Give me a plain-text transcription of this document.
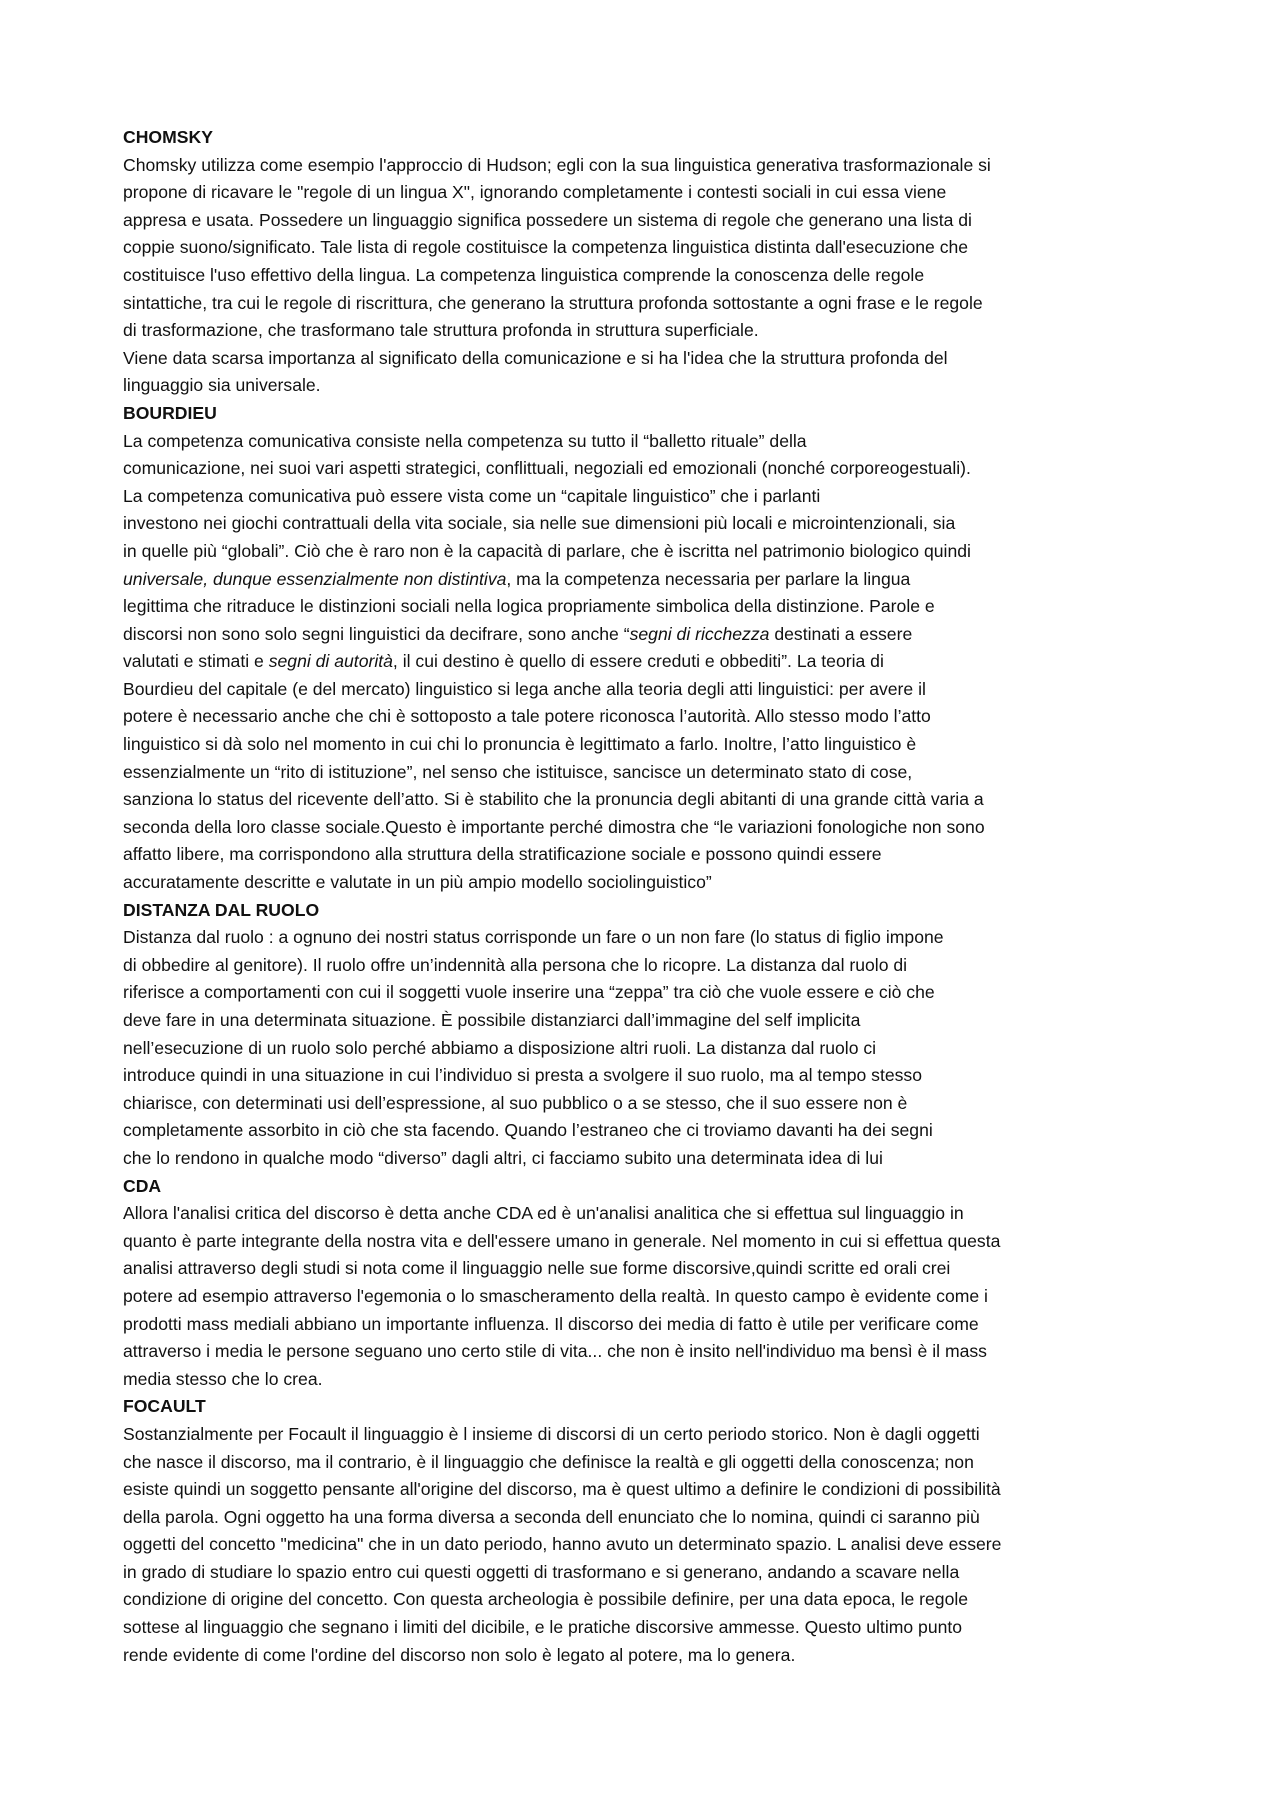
CHOMSKY

Chomsky utilizza come esempio l'approccio di Hudson; egli con la sua linguistica generativa trasformazionale si
propone di ricavare le "regole di un lingua X", ignorando completamente i contesti sociali in cui essa viene
appresa e usata. Possedere un linguaggio significa possedere un sistema di regole che generano una lista di
coppie suono/significato. Tale lista di regole costituisce la competenza linguistica distinta dall'esecuzione che
costituisce l'uso effettivo della lingua. La competenza linguistica comprende la conoscenza delle regole
sintattiche, tra cui le regole di riscrittura, che generano la struttura profonda sottostante a ogni frase e le regole
di trasformazione, che trasformano tale struttura profonda in struttura superficiale.

Viene data scarsa importanza al significato della comunicazione e si ha l'idea che la struttura profonda del
linguaggio sia universale.

BOURDIEU

La competenza comunicativa consiste nella competenza su tutto il “balletto rituale” della
comunicazione, nei suoi vari aspetti strategici, conflittuali, negoziali ed emozionali (nonché corporeogestuali).
La competenza comunicativa può essere vista come un “capitale linguistico” che i parlanti
investono nei giochi contrattuali della vita sociale, sia nelle sue dimensioni più locali e microintenzionali, sia
in quelle più “globali”. Ciò che è raro non è la capacità di parlare, che è iscritta nel patrimonio biologico quindi
universale, dunque essenzialmente non distintiva, ma la competenza necessaria per parlare la lingua
legittima che ritraduce le distinzioni sociali nella logica propriamente simbolica della distinzione. Parole e
discorsi non sono solo segni linguistici da decifrare, sono anche “segni di ricchezza destinati a essere
valutati e stimati e segni di autorità, il cui destino è quello di essere creduti e obbediti”. La teoria di
Bourdieu del capitale (e del mercato) linguistico si lega anche alla teoria degli atti linguistici: per avere il
potere è necessario anche che chi è sottoposto a tale potere riconosca l’autorità. Allo stesso modo l’atto
linguistico si dà solo nel momento in cui chi lo pronuncia è legittimato a farlo. Inoltre, l’atto linguistico è
essenzialmente un “rito di istituzione”, nel senso che istituisce, sancisce un determinato stato di cose,
sanziona lo status del ricevente dell’atto. Si è stabilito che la pronuncia degli abitanti di una grande città varia a
seconda della loro classe sociale.Questo è importante perché dimostra che “le variazioni fonologiche non sono
affatto libere, ma corrispondono alla struttura della stratificazione sociale e possono quindi essere
accuratamente descritte e valutate in un più ampio modello sociolinguistico”

DISTANZA DAL RUOLO

Distanza dal ruolo : a ognuno dei nostri status corrisponde un fare o un non fare (lo status di figlio impone
di obbedire al genitore). Il ruolo offre un’indennità alla persona che lo ricopre. La distanza dal ruolo di
riferisce a comportamenti con cui il soggetti vuole inserire una “zeppa” tra ciò che vuole essere e ciò che
deve fare in una determinata situazione. È possibile distanziarci dall’immagine del self implicita
nell’esecuzione di un ruolo solo perché abbiamo a disposizione altri ruoli. La distanza dal ruolo ci
introduce quindi in una situazione in cui l’individuo si presta a svolgere il suo ruolo, ma al tempo stesso
chiarisce, con determinati usi dell’espressione, al suo pubblico o a se stesso, che il suo essere non è
completamente assorbito in ciò che sta facendo. Quando l’estraneo che ci troviamo davanti ha dei segni
che lo rendono in qualche modo “diverso” dagli altri, ci facciamo subito una determinata idea di lui

CDA

Allora l'analisi critica del discorso è detta anche CDA ed è un'analisi analitica che si effettua sul linguaggio in
quanto è parte integrante della nostra vita e dell'essere umano in generale. Nel momento in cui si effettua questa
analisi attraverso degli studi si nota come il linguaggio nelle sue forme discorsive,quindi scritte ed orali crei
potere ad esempio attraverso l'egemonia o lo smascheramento della realtà. In questo campo è evidente come i
prodotti mass mediali abbiano un importante influenza. Il discorso dei media di fatto è utile per verificare come
attraverso i media le persone seguano uno certo stile di vita... che non è insito nell'individuo ma bensì è il mass
media stesso che lo crea.

FOCAULT

Sostanzialmente per Focault il linguaggio è l insieme di discorsi di un certo periodo storico. Non è dagli oggetti
che nasce il discorso, ma il contrario, è il linguaggio che definisce la realtà e gli oggetti della conoscenza; non
esiste quindi un soggetto pensante all'origine del discorso, ma è quest ultimo a definire le condizioni di possibilità
della parola. Ogni oggetto ha una forma diversa a seconda dell enunciato che lo nomina, quindi ci saranno più
oggetti del concetto "medicina" che in un dato periodo, hanno avuto un determinato spazio. L analisi deve essere
in grado di studiare lo spazio entro cui questi oggetti di trasformano e si generano, andando a scavare nella
condizione di origine del concetto. Con questa archeologia è possibile definire, per una data epoca, le regole
sottese al linguaggio che segnano i limiti del dicibile, e le pratiche discorsive ammesse. Questo ultimo punto
rende evidente di come l'ordine del discorso non solo è legato al potere, ma lo genera.
